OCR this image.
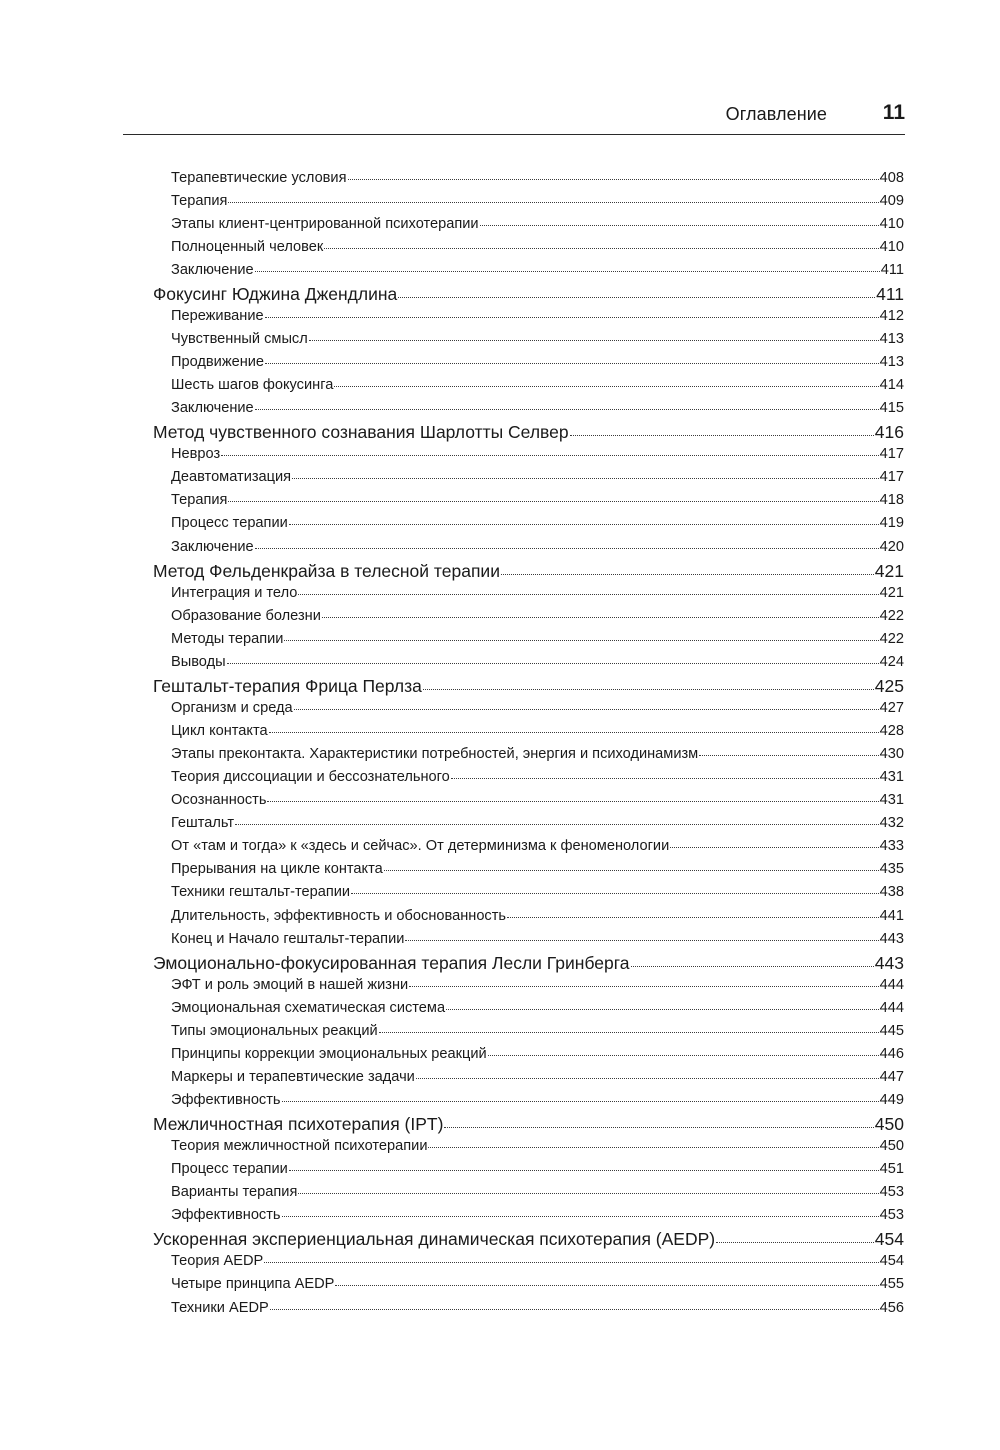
Оглавление	11
Терапевтические условия	408
Терапия	409
Этапы клиент-центрированной психотерапии	410
Полноценный человек	410
Заключение	411
Фокусинг Юджина Джендлина	411
Переживание	412
Чувственный смысл	413
Продвижение	413
Шесть шагов фокусинга	414
Заключение	415
Метод чувственного сознавания Шарлотты Селвер	416
Невроз	417
Деавтоматизация	417
Терапия	418
Процесс терапии	419
Заключение	420
Метод Фельденкрайза в телесной терапии	421
Интеграция и тело	421
Образование болезни	422
Методы терапии	422
Выводы	424
Гештальт-терапия Фрица Перлза	425
Организм и среда	427
Цикл контакта	428
Этапы преконтакта. Характеристики потребностей, энергия и психодинамизм	430
Теория диссоциации и бессознательного	431
Осознанность	431
Гештальт	432
От «там и тогда» к «здесь и сейчас». От детерминизма к феноменологии	433
Прерывания на цикле контакта	435
Техники гештальт-терапии	438
Длительность, эффективность и обоснованность	441
Конец и Начало гештальт-терапии	443
Эмоционально-фокусированная терапия Лесли Гринберга	443
ЭФТ и роль эмоций в нашей жизни	444
Эмоциональная схематическая система	444
Типы эмоциональных реакций	445
Принципы коррекции эмоциональных реакций	446
Маркеры и терапевтические задачи	447
Эффективность	449
Межличностная психотерапия (IPT)	450
Теория межличностной психотерапии	450
Процесс терапии	451
Варианты терапия	453
Эффективность	453
Ускоренная экспериенциальная динамическая психотерапия (AEDP)	454
Теория AEDP	454
Четыре принципа AEDP	455
Техники AEDP	456
